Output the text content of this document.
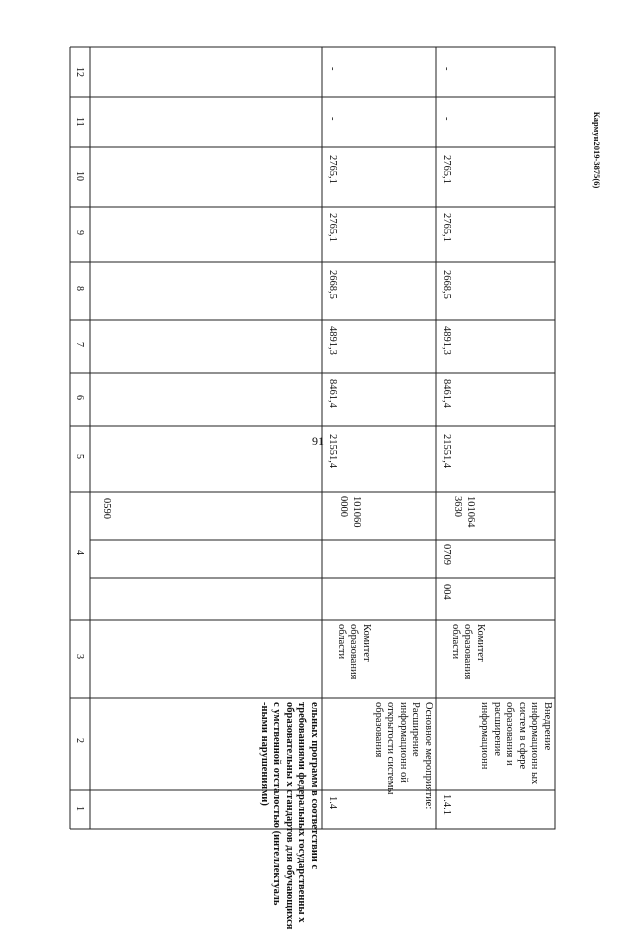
91
Кармун2019-3875(6)
1
2
3
4
5
6
7
8
9
10
11
12
ельных программ в соответствии с требованиями федеральных государственны х образовательны х стандартов для обучающихся с умственной отсталостью (интеллектуаль -ными нарушениями)
0590
1.4	Основное мероприятие: Расширение информационн ой открытости системы образования
Комитет образования области
101060 0000
21551,4
8461,4
4891,3
2668,5
2765,1
2765,1
-
-
1.4.1
Внедрение информационн ых систем в сфере образования и расширение информационн
Комитет образования области
004
0709
101064 3630
21551,4
8461,4
4891,3
2668,5
2765,1
2765,1
-
-
